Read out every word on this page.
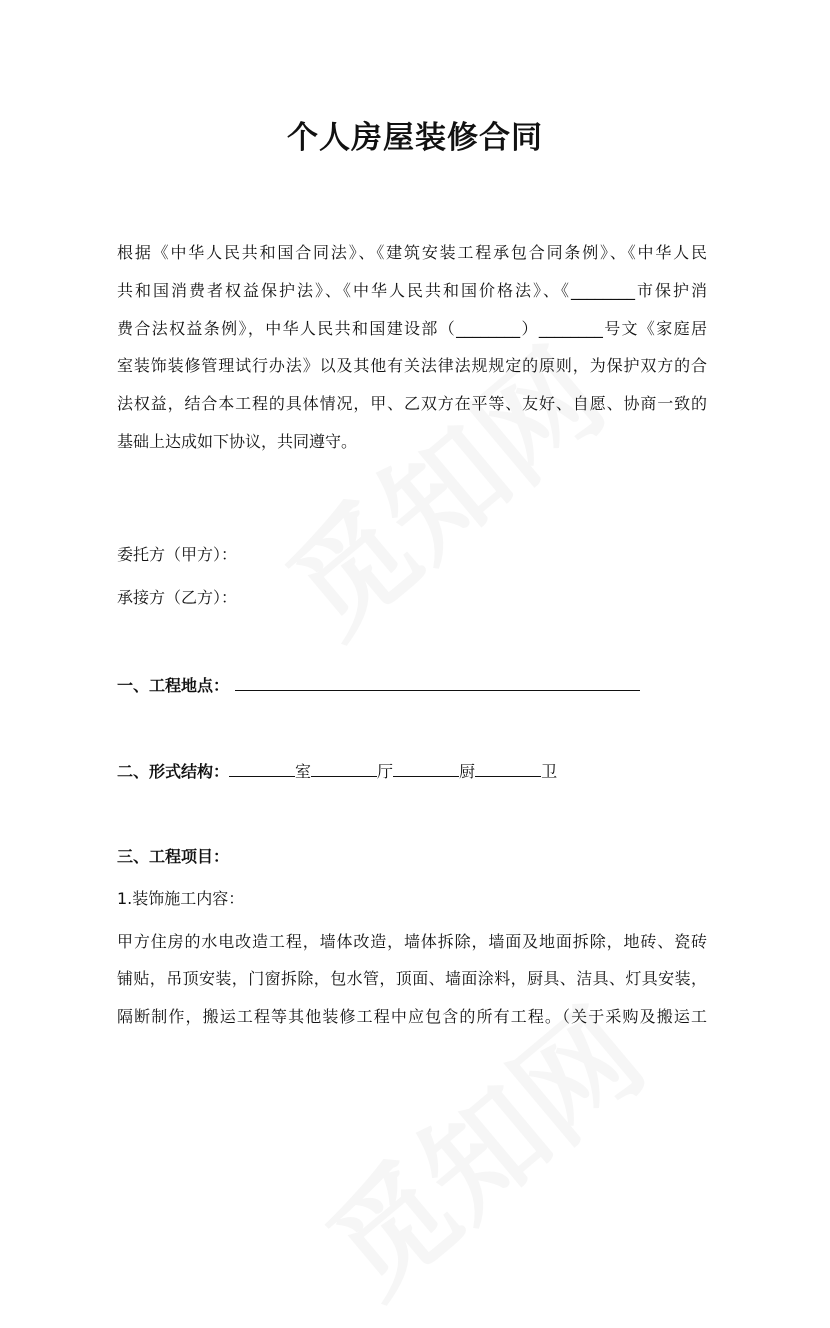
个人房屋装修合同
根据《中华人民共和国合同法》、《建筑安装工程承包合同条例》、《中华人民
共和国消费者权益保护法》、《中华人民共和国价格法》、《________市保护消
费合法权益条例》，中华人民共和国建设部（________）________号文《家庭居
室装饰装修管理试行办法》以及其他有关法律法规规定的原则，为保护双方的合
法权益，结合本工程的具体情况，甲、乙双方在平等、友好、自愿、协商一致的
基础上达成如下协议，共同遵守。
委托方（甲方）：
承接方（乙方）：
一、工程地点：
二、形式结构：	室	厅	厨	卫
三、工程项目：
1.装饰施工内容：
甲方住房的水电改造工程，墙体改造，墙体拆除，墙面及地面拆除，地砖、瓷砖
铺贴，吊顶安装，门窗拆除，包水管，顶面、墙面涂料，厨具、洁具、灯具安装，
隔断制作，搬运工程等其他装修工程中应包含的所有工程。（关于采购及搬运工
